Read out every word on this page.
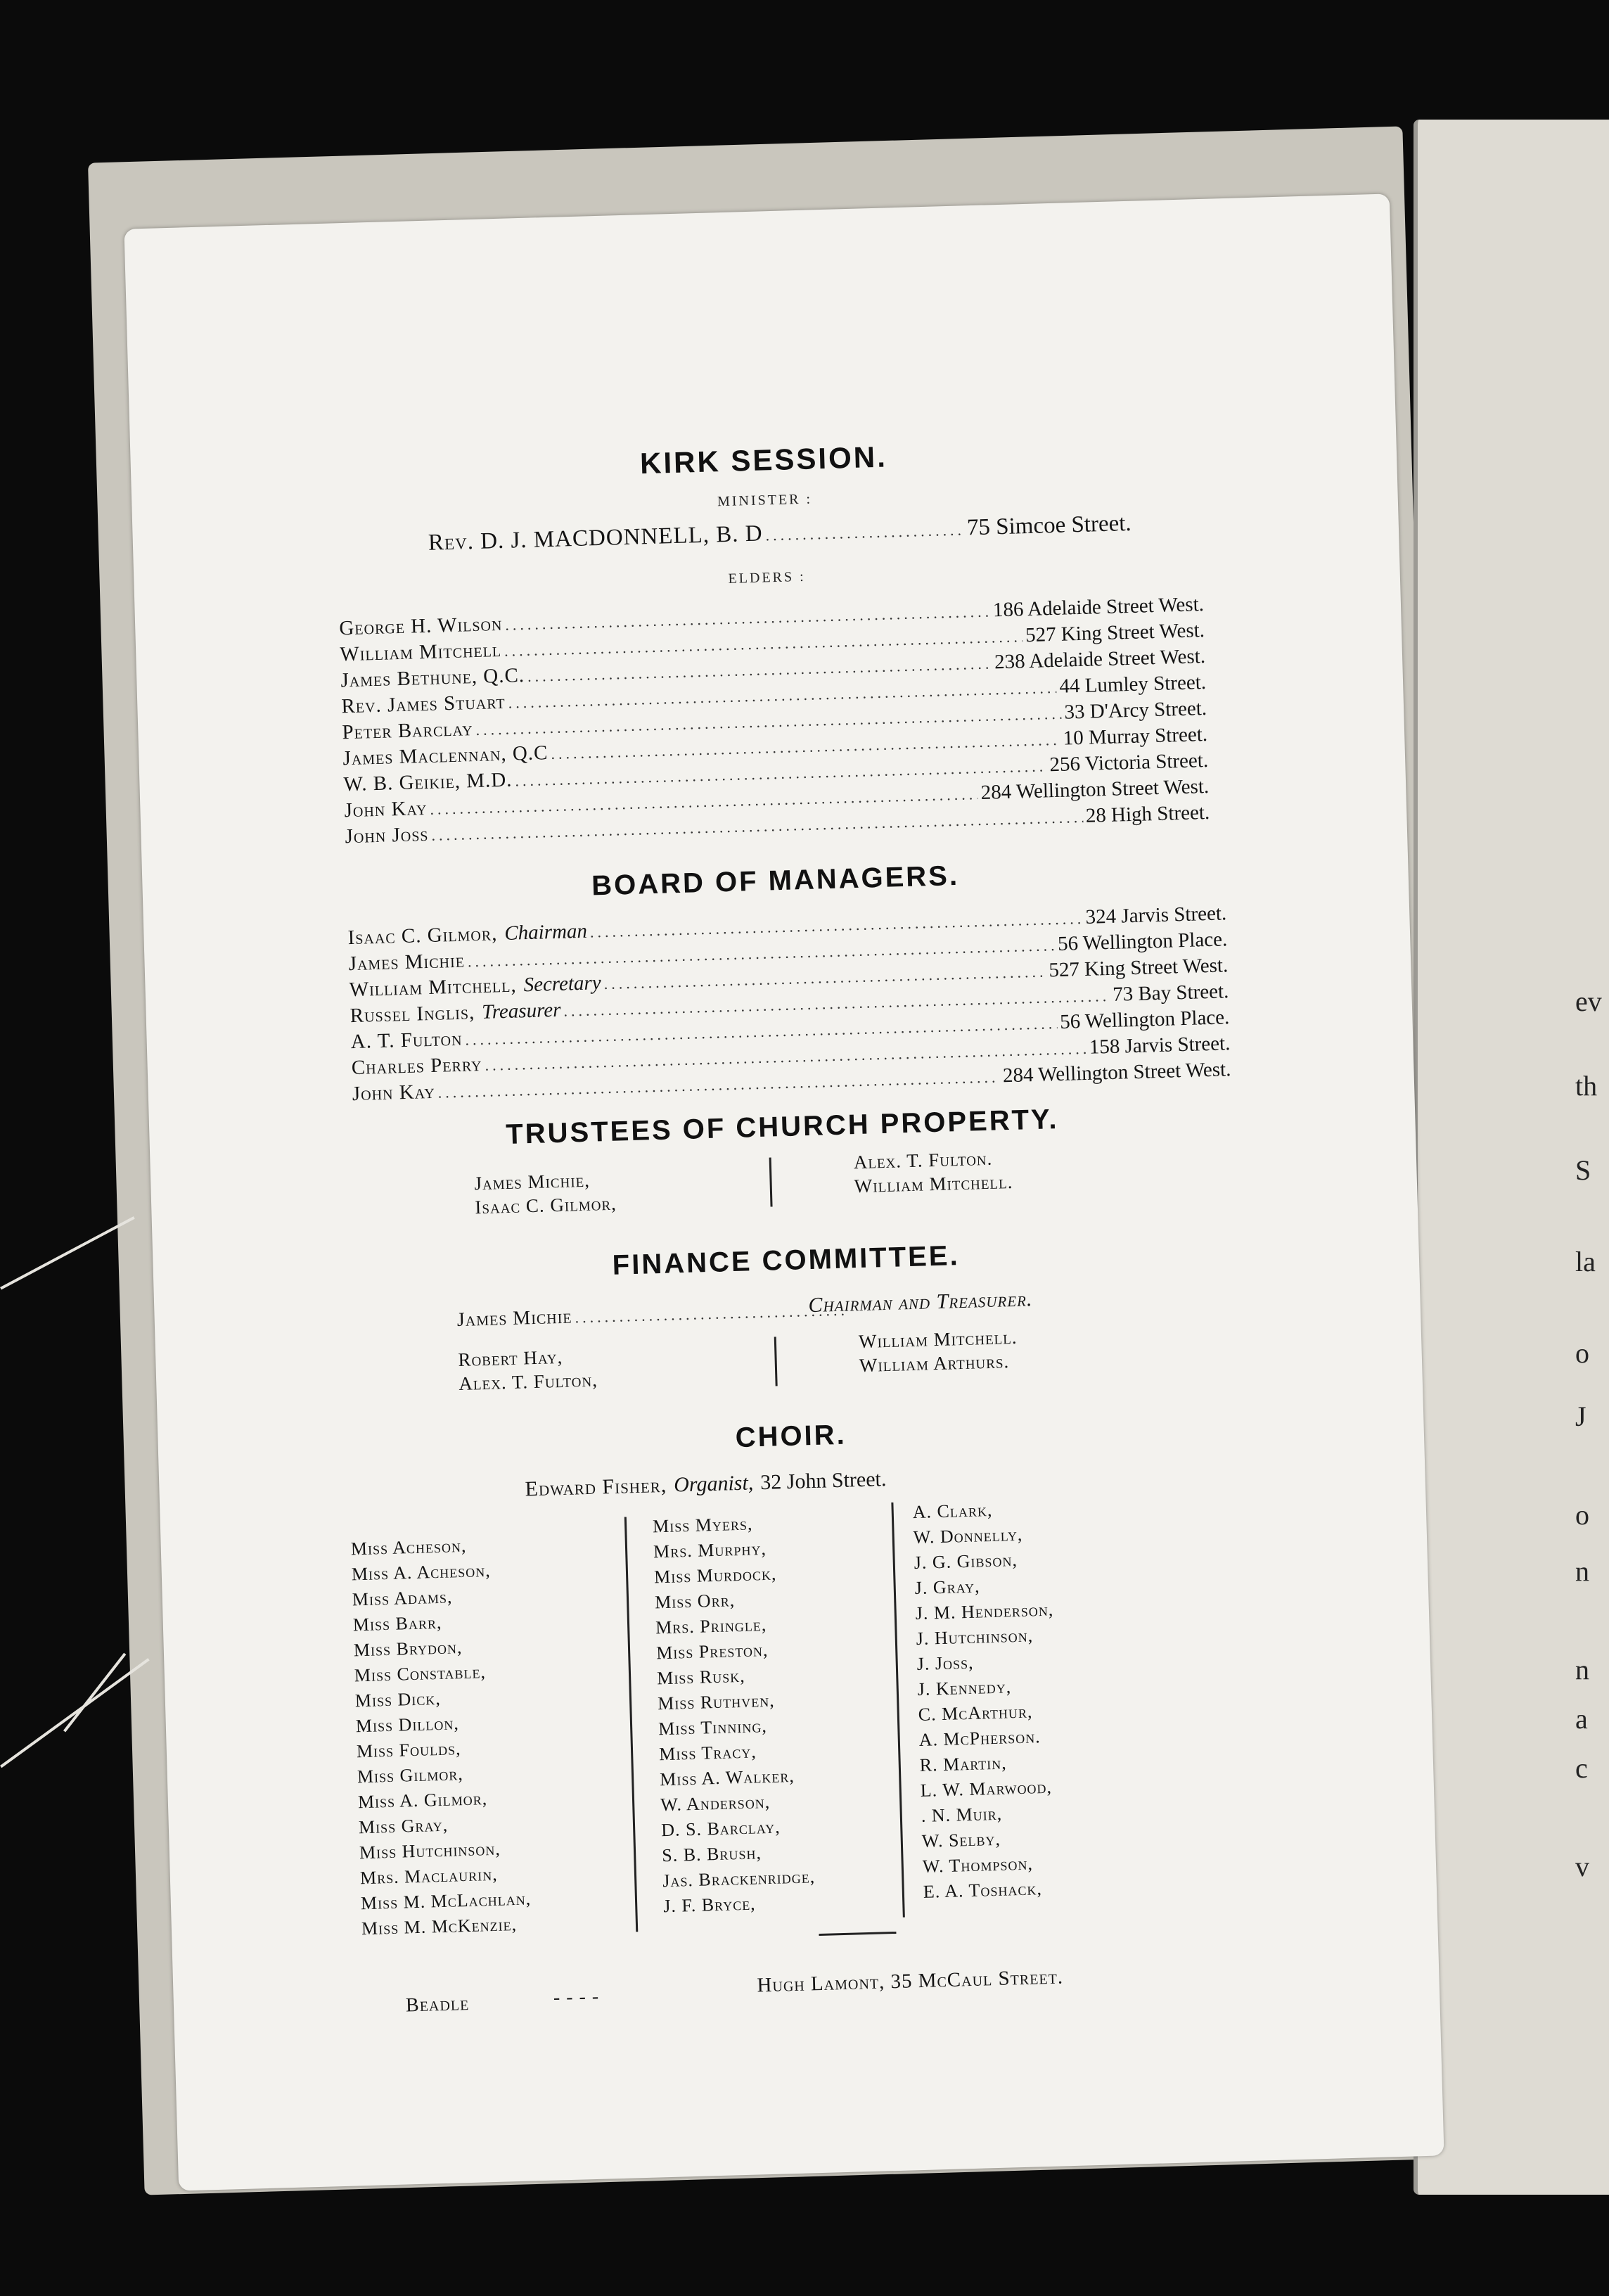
ev
th
S
la
o
J
o
n
n
a
c
v
KIRK SESSION.
MINISTER :
Rev. D. J. MACDONNELL, B. D
.....	75 Simcoe Street.
ELDERS :
George H. Wilson
.....
186 Adelaide Street West.
William Mitchell
.....
527 King Street West.
James Bethune, Q.C.
.....
238 Adelaide Street West.
Rev. James Stuart
.....
44 Lumley Street.
Peter Barclay
.....
33 D'Arcy Street.
James Maclennan, Q.C
.....
10 Murray Street.
W. B. Geikie, M.D.
.....
256 Victoria Street.
John Kay
.....
284 Wellington Street West.
John Joss
.....
28 High Street.
BOARD OF MANAGERS.
Isaac C. Gilmor, Chairman
.....
324 Jarvis Street.
James Michie
.....
56 Wellington Place.
William Mitchell, Secretary
.....
527 King Street West.
Russel Inglis, Treasurer
.....
73 Bay Street.
A. T. Fulton
.....
56 Wellington Place.
Charles Perry
.....
158 Jarvis Street.
John Kay
.....
284 Wellington Street West.
TRUSTEES OF CHURCH PROPERTY.
James Michie,
Isaac C. Gilmor,
Alex. T. Fulton.
William Mitchell.
FINANCE COMMITTEE.
James Michie
.....
Chairman and Treasurer.
Robert Hay,
Alex. T. Fulton,
William Mitchell.
William Arthurs.
CHOIR.
Edward Fisher, Organist, 32 John Street.
Miss Acheson,
Miss A. Acheson,
Miss Adams,
Miss Barr,
Miss Brydon,
Miss Constable,
Miss Dick,
Miss Dillon,
Miss Foulds,
Miss Gilmor,
Miss A. Gilmor,
Miss Gray,
Miss Hutchinson,
Mrs. Maclaurin,
Miss M. McLachlan,
Miss M. McKenzie,
Miss Myers,
Mrs. Murphy,
Miss Murdock,
Miss Orr,
Mrs. Pringle,
Miss Preston,
Miss Rusk,
Miss Ruthven,
Miss Tinning,
Miss Tracy,
Miss A. Walker,
W. Anderson,
D. S. Barclay,
S. B. Brush,
Jas. Brackenridge,
J. F. Bryce,
A. Clark,
W. Donnelly,
J. G. Gibson,
J. Gray,
J. M. Henderson,
J. Hutchinson,
J. Joss,
J. Kennedy,
C. McArthur,
A. McPherson.
R. Martin,
L. W. Marwood,
. N. Muir,
W. Selby,
W. Thompson,
E. A. Toshack,
Beadle	- - - -
Hugh Lamont, 35 McCaul Street.
